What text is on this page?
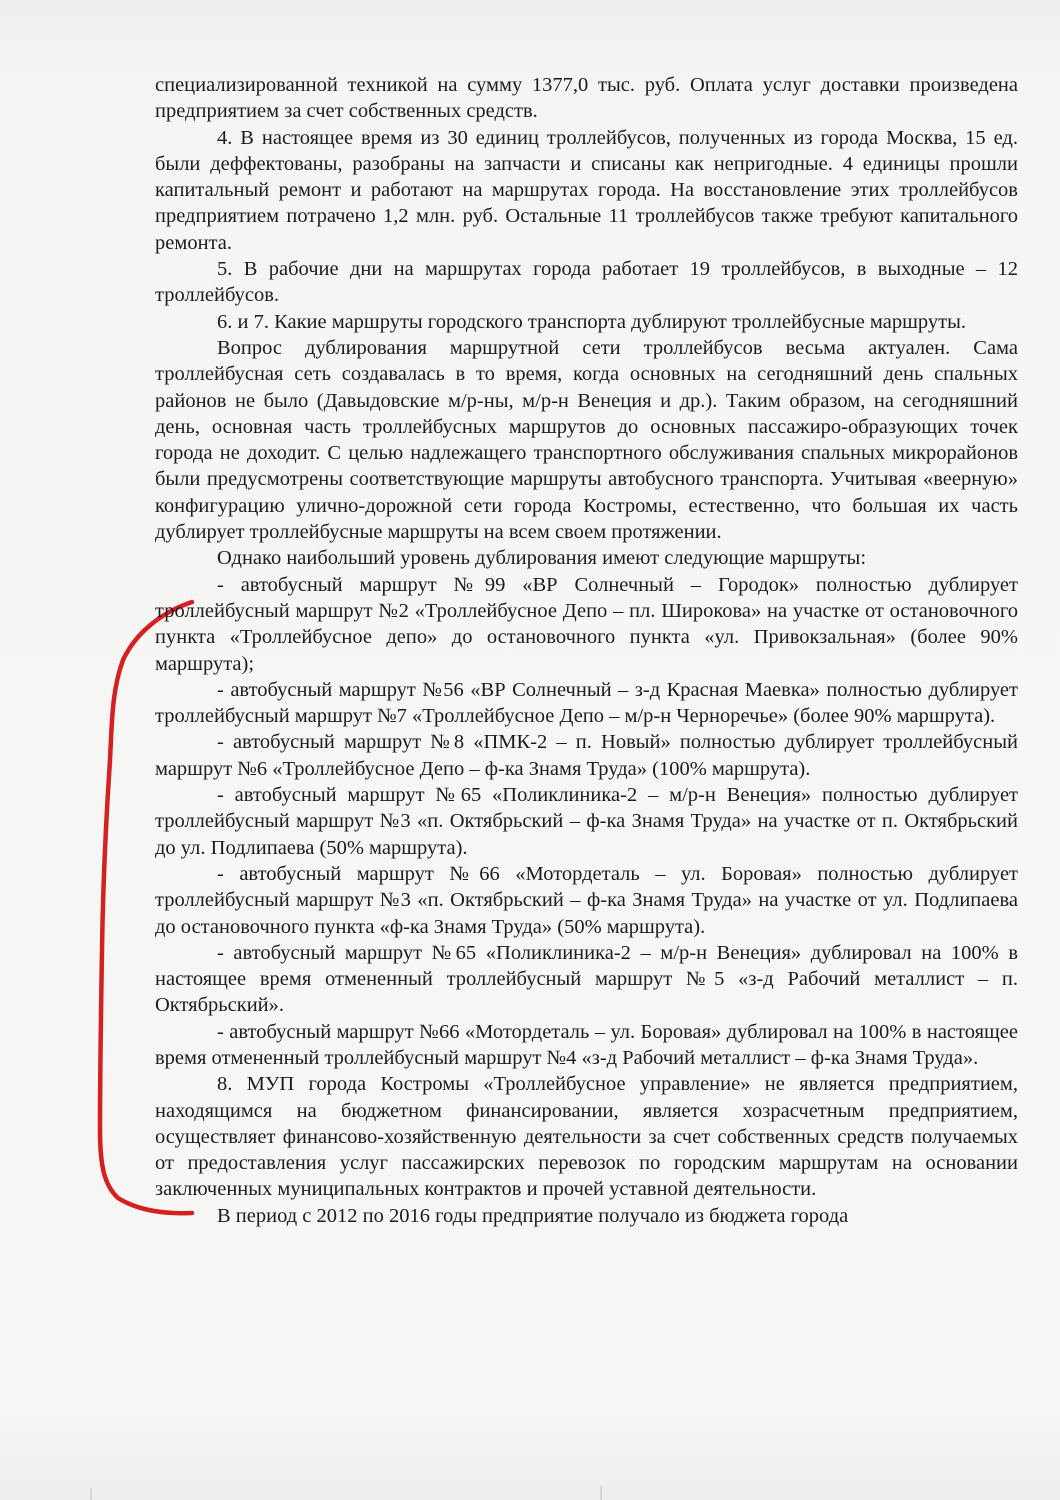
специализированной техникой на сумму 1377,0 тыс. руб. Оплата услуг доставки произведена предприятием за счет собственных средств.

4. В настоящее время из 30 единиц троллейбусов, полученных из города Москва, 15 ед. были деффектованы, разобраны на запчасти и списаны как непригодные. 4 единицы прошли капитальный ремонт и работают на маршрутах города. На восстановление этих троллейбусов предприятием потрачено 1,2 млн. руб. Остальные 11 троллейбусов также требуют капитального ремонта.

5. В рабочие дни на маршрутах города работает 19 троллейбусов, в выходные – 12 троллейбусов.

6. и 7. Какие маршруты городского транспорта дублируют троллейбусные маршруты.

Вопрос дублирования маршрутной сети троллейбусов весьма актуален. Сама троллейбусная сеть создавалась в то время, когда основных на сегодняшний день спальных районов не было (Давыдовские м/р-ны, м/р-н Венеция и др.). Таким образом, на сегодняшний день, основная часть троллейбусных маршрутов до основных пассажиро-образующих точек города не доходит. С целью надлежащего транспортного обслуживания спальных микрорайонов были предусмотрены соответствующие маршруты автобусного транспорта. Учитывая «веерную» конфигурацию улично-дорожной сети города Костромы, естественно, что большая их часть дублирует троллейбусные маршруты на всем своем протяжении.

Однако наибольший уровень дублирования имеют следующие маршруты:

- автобусный маршрут №99 «ВР Солнечный – Городок» полностью дублирует троллейбусный маршрут №2 «Троллейбусное Депо – пл. Широкова» на участке от остановочного пункта «Троллейбусное депо» до остановочного пункта «ул. Привокзальная» (более 90% маршрута);

- автобусный маршрут №56 «ВР Солнечный – з-д Красная Маевка» полностью дублирует троллейбусный маршрут №7 «Троллейбусное Депо – м/р-н Черноречье» (более 90% маршрута).

- автобусный маршрут №8 «ПМК-2 – п. Новый» полностью дублирует троллейбусный маршрут №6 «Троллейбусное Депо – ф-ка Знамя Труда» (100% маршрута).

- автобусный маршрут №65 «Поликлиника-2 – м/р-н Венеция» полностью дублирует троллейбусный маршрут №3 «п. Октябрьский – ф-ка Знамя Труда» на участке от п. Октябрьский до ул. Подлипаева (50% маршрута).

- автобусный маршрут №66 «Мотордеталь – ул. Боровая» полностью дублирует троллейбусный маршрут №3 «п. Октябрьский – ф-ка Знамя Труда» на участке от ул. Подлипаева до остановочного пункта «ф-ка Знамя Труда» (50% маршрута).

- автобусный маршрут №65 «Поликлиника-2 – м/р-н Венеция» дублировал на 100% в настоящее время отмененный троллейбусный маршрут №5 «з-д Рабочий металлист – п. Октябрьский».

- автобусный маршрут №66 «Мотордеталь – ул. Боровая» дублировал на 100% в настоящее время отмененный троллейбусный маршрут №4 «з-д Рабочий металлист – ф-ка Знамя Труда».

8. МУП города Костромы «Троллейбусное управление» не является предприятием, находящимся на бюджетном финансировании, является хозрасчетным предприятием, осуществляет финансово-хозяйственную деятельности за счет собственных средств получаемых от предоставления услуг пассажирских перевозок по городским маршрутам на основании заключенных муниципальных контрактов и прочей уставной деятельности.

В период с 2012 по 2016 годы предприятие получало из бюджета города
